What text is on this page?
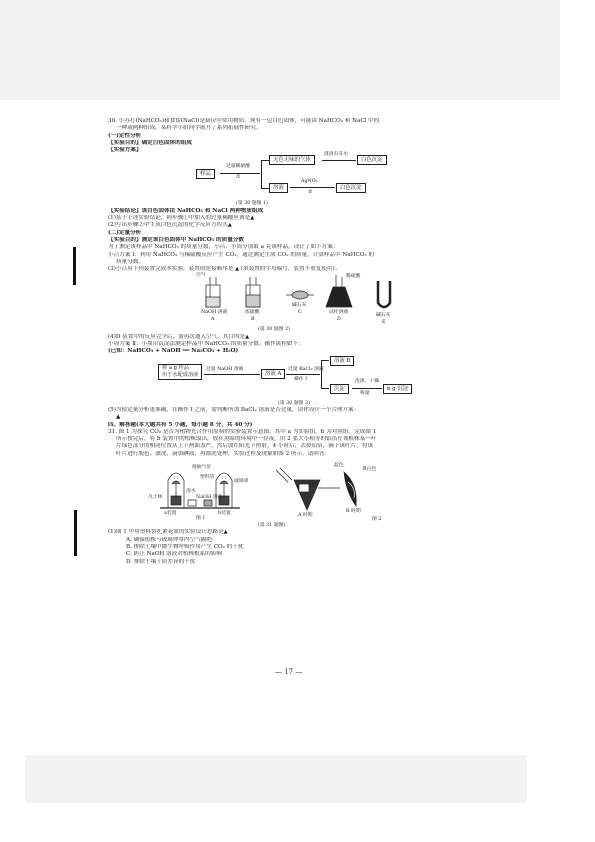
30. 小苏打(NaHCO₃)和食盐(NaCl)是厨房中常用物质。现有一包白色固体，可能由 NaHCO₃ 和 NaCl 中的
一种或两种组成。某科学小组同学展开了系列拓展性研究。
(一)定性分析
【实验目的】确定白色固体的组成
【实验方案】
样品
过量稀硝酸
①
无色无味的气体
澄清石灰水
白色沉淀
溶液
AgNO₃
②
白色沉淀
(第 30 题图 1)
【实验结论】该白色固体由 NaHCO₃ 和 NaCl 两种物质组成
(1)基于上述实验结论，则步骤①中加入的过量稀酸应该是▲
(2)写出步骤②中生成白色沉淀的化学反应方程式▲
(二)定量分析
【实验目的】测定该白色固体中 NaHCO₃ 的质量分数
为了测定该样品中 NaHCO₃ 的质量分数，小吕、小周分别取 a 克该样品，设计了如下方案：
小吕方案 Ⅰ：利用 NaHCO₃ 与稀硫酸反应产生 CO₂，通过测定生成 CO₂ 的质量，计算样品中 NaHCO₃ 的
质量分数。
(3)小吕用下列装置完成本实验，装置的连接顺序是 ▲ (填装置的字母编号，装置不重复使用)；
空气	稀硫酸
NaOH 溶液	浓硫酸
碱石灰
试样溶液
碱石灰
A	B
C
D
E
(第 30 题图 2)
(4)D 装置中的反应完全后，需再次通入空气，其目的是▲
小周方案 Ⅱ：小周用沉淀法测定样品中 NaHCO₃ 的质量分数。操作流程如下：
(已知：NaHCO₃ + NaOH ══ Na₂CO₃ + H₂O)
将 a g 样品
用于水配成溶液
过量 NaOH 溶液
溶液 A
过量 BaCl₂ 溶液
操作 Ⅰ
溶液 B
沉淀
洗涤、干燥
称量
b g 沉淀
(第 30 题图 3)
(5)为使定量分析更准确，在操作 Ⅰ 之前，需判断所加 BaCl₂ 溶液是否过量，请你设计一个合理方案：
▲
四、解答题(本大题共有 5 小题，每小题 8 分，共 40 分)
31. 图 1 为探究 CO₂ 是否为植物光合作用原料的实验装置示意图。其中 a 为实验组，b 为对照组。完成图 1
所示按完后，将 b 装置中的植株取出，放在黑暗的环境中一昼夜。用 2 张大小相等的铝箔在该植株某一叶
片绿色部分的相同位置从上下两面盖严，然后放在阳光下照射。4 小时后，去掉铝箔，摘下该叶片，将该
叶片进行脱色、漂洗、滴加碘液、再漂洗处理。实验过程及现象如图 2 所示。请回答：
接抽气泵
塑料袋
玻璃罩
凡士林
清水
NaOH 溶液
a装置	b装置
图 1
铝箔
蓝色
黄白色
A 时期
B 时期
图 2
(第 31 题图)
(1)图 1 中用塑料袋扎紧花盆的实验设计思路是▲
A. 确保植株与玻璃钟罩内空气隔绝
B. 排除土壤中微生物呼吸作用产生 CO₂ 的干扰
C. 防止 NaOH 溶液对植株根系的影响
D. 排除土壤土质差异的干扰
— 17 —
